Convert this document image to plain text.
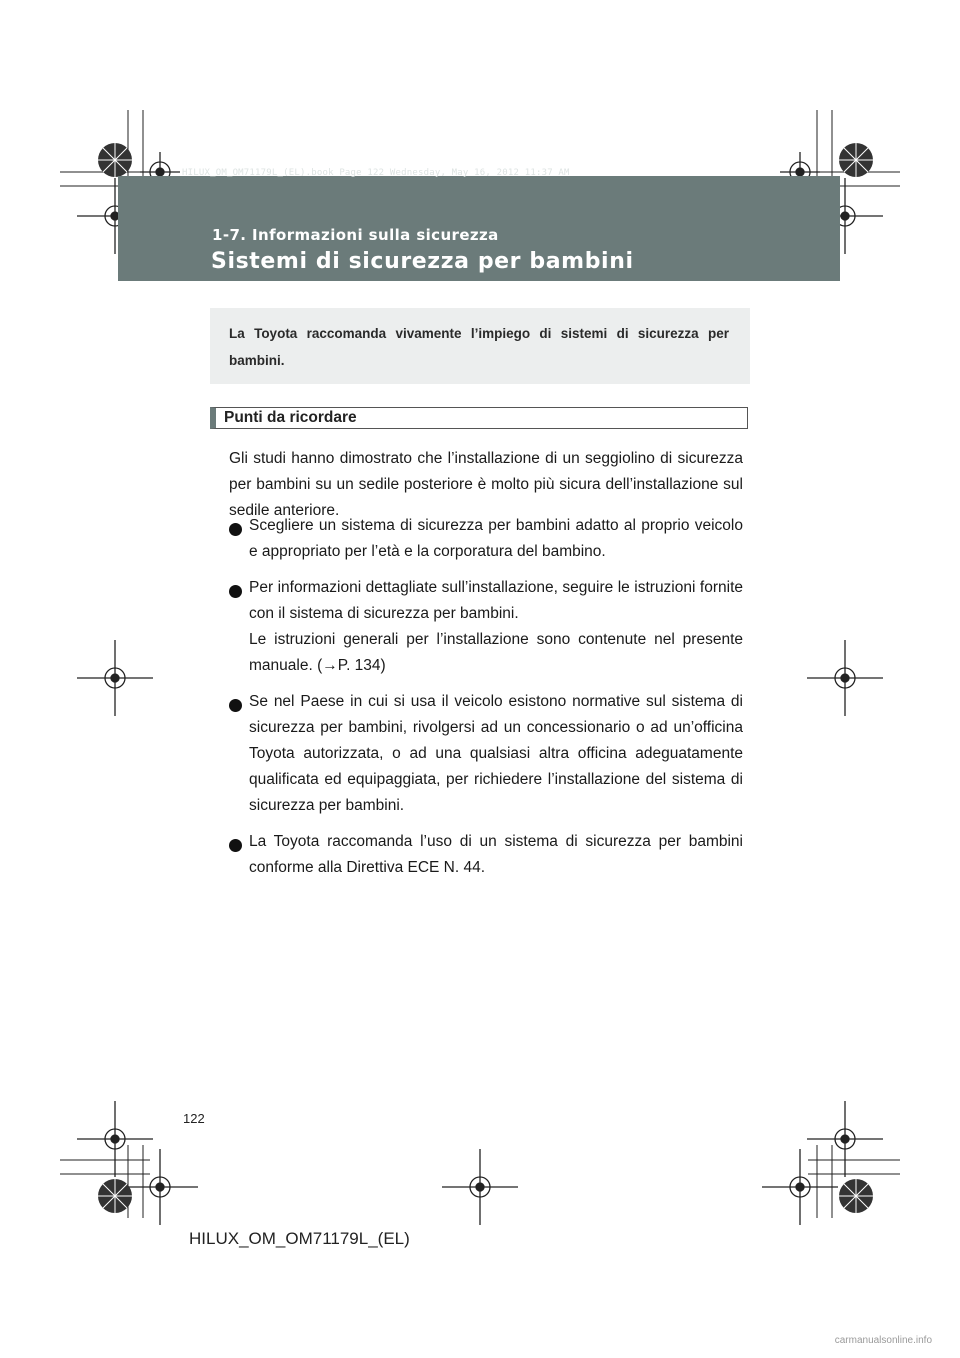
HILUX_OM_OM71179L_(EL).book Page 122 Wednesday, May 16, 2012 11:37 AM
1-7. Informazioni sulla sicurezza
Sistemi di sicurezza per bambini
La Toyota raccomanda vivamente l’impiego di sistemi di sicurezza per bambini.
Punti da ricordare
Gli studi hanno dimostrato che l’installazione di un seggiolino di sicurezza per bambini su un sedile posteriore è molto più sicura dell’installazione sul sedile anteriore.
Scegliere un sistema di sicurezza per bambini adatto al proprio veicolo e appropriato per l’età e la corporatura del bambino.
Per informazioni dettagliate sull’installazione, seguire le istruzioni fornite con il sistema di sicurezza per bambini.
Le istruzioni generali per l’installazione sono contenute nel presente manuale. (→P. 134)
Se nel Paese in cui si usa il veicolo esistono normative sul sistema di sicurezza per bambini, rivolgersi ad un concessionario o ad un’officina Toyota autorizzata, o ad una qualsiasi altra officina adeguatamente qualificata ed equipaggiata, per richiedere l’installazione del sistema di sicurezza per bambini.
La Toyota raccomanda l’uso di un sistema di sicurezza per bambini conforme alla Direttiva ECE N. 44.
122
HILUX_OM_OM71179L_(EL)
carmanualsonline.info
